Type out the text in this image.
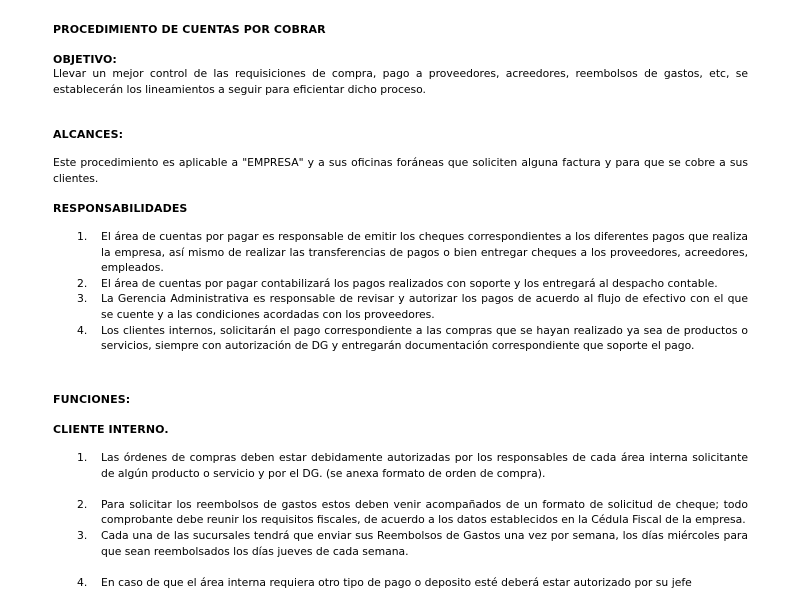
PROCEDIMIENTO DE CUENTAS POR COBRAR
OBJETIVO:
Llevar un mejor control de las requisiciones de compra, pago a proveedores, acreedores, reembolsos de gastos, etc, se establecerán los lineamientos a seguir para eficientar dicho proceso.
ALCANCES:
Este procedimiento es aplicable a "EMPRESA" y a sus oficinas foráneas que soliciten alguna factura y para que se cobre a sus clientes.
RESPONSABILIDADES
1. El área de cuentas por pagar es responsable de emitir los cheques correspondientes a los diferentes pagos que realiza la empresa, así mismo de realizar las transferencias de pagos o bien entregar cheques a los proveedores, acreedores, empleados.
2. El área de cuentas por pagar contabilizará los pagos realizados con soporte y los entregará al despacho contable.
3. La Gerencia Administrativa es responsable de revisar y autorizar los pagos de acuerdo al flujo de efectivo con el que se cuente y a las condiciones acordadas con los proveedores.
4. Los clientes internos, solicitarán el pago correspondiente a las compras que se hayan realizado ya sea de productos o servicios, siempre con autorización de DG y entregarán documentación correspondiente que soporte el pago.
FUNCIONES:
CLIENTE INTERNO.
1. Las órdenes de compras deben estar debidamente autorizadas por los responsables de cada área interna solicitante de algún producto o servicio y por el DG. (se anexa formato de orden de compra).
2. Para solicitar los reembolsos de gastos estos deben venir acompañados de un formato de solicitud de cheque; todo comprobante debe reunir los requisitos fiscales, de acuerdo a los datos establecidos en la Cédula Fiscal de la empresa.
3. Cada una de las sucursales tendrá que enviar sus Reembolsos de Gastos una vez por semana, los días miércoles para que sean reembolsados los días jueves de cada semana.
4. En caso de que el área interna requiera otro tipo de pago o deposito esté deberá estar autorizado por su jefe
